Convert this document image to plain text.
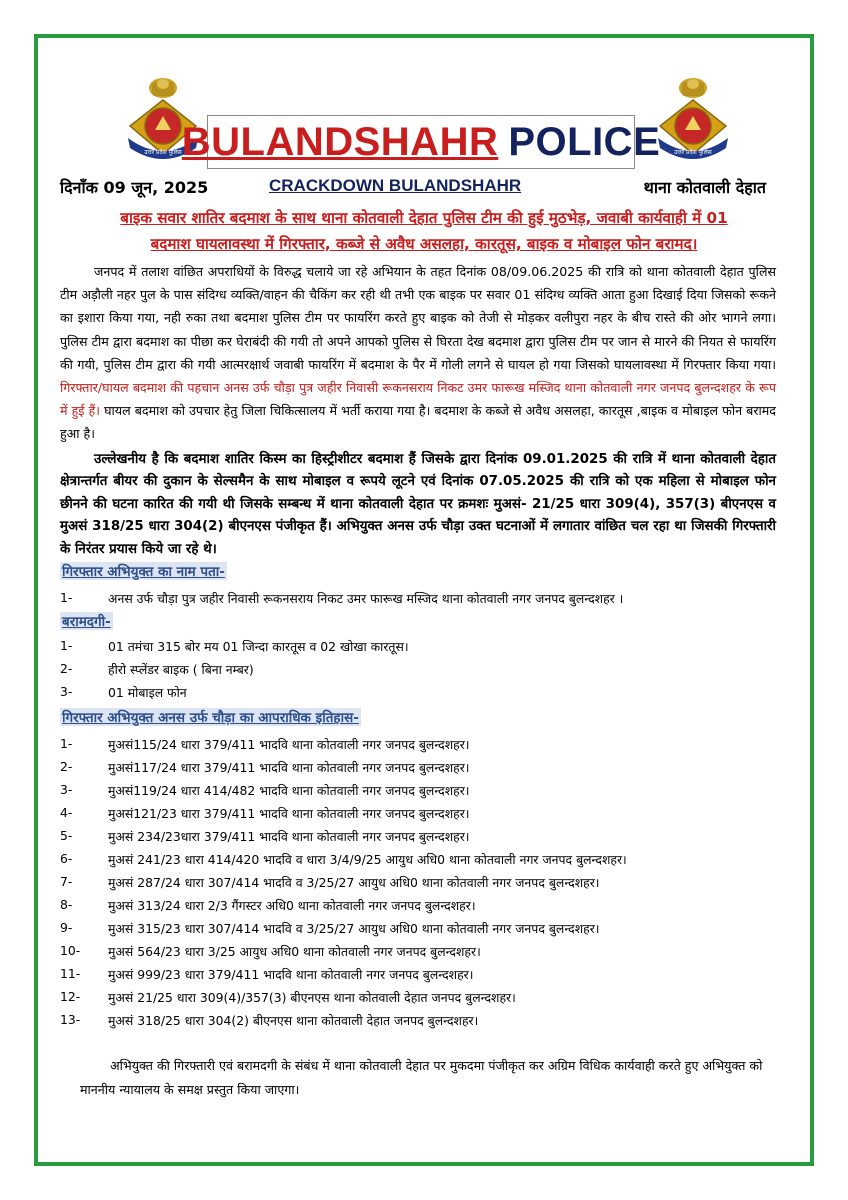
उत्तर प्रदेश पुलिस	उत्तर प्रदेश पुलिस
BULANDSHAHR POLICE
दिनाँक 09 जून, 2025	CRACKDOWN BULANDSHAHR	थाना कोतवाली देहात
बाइक सवार शातिर बदमाश के साथ थाना कोतवाली देहात पुलिस टीम की हुई मुठभेड़, जवाबी कार्यवाही में 01
बदमाश घायलावस्था में गिरफ्तार, कब्जे से अवैध असलहा, कारतूस, बाइक व मोबाइल फोन बरामद।

जनपद में तलाश वांछित अपराधियों के विरुद्ध चलाये जा रहे अभियान के तहत दिनांक 08/09.06.2025 की रात्रि को थाना कोतवाली देहात पुलिस टीम अड़ौली नहर पुल के पास संदिग्ध व्यक्ति/वाहन की चैकिंग कर रही थी तभी एक बाइक पर सवार 01 संदिग्ध व्यक्ति आता हुआ दिखाई दिया जिसको रूकने का इशारा किया गया, नही रुका तथा बदमाश पुलिस टीम पर फायरिंग करते हुए बाइक को तेजी से मोड़कर वलीपुरा नहर के बीच रास्ते की ओर भागने लगा। पुलिस टीम द्वारा बदमाश का पीछा कर घेराबंदी की गयी तो अपने आपको पुलिस से घिरता देख बदमाश द्वारा पुलिस टीम पर जान से मारने की नियत से फायरिंग की गयी, पुलिस टीम द्वारा की गयी आत्मरक्षार्थ जवाबी फायरिंग में बदमाश के पैर में गोली लगने से घायल हो गया जिसको घायलावस्था में गिरफ्तार किया गया। गिरफ्तार/घायल बदमाश की पहचान अनस उर्फ चौड़ा पुत्र जहीर निवासी रूकनसराय निकट उमर फारूख मस्जिद थाना कोतवाली नगर जनपद बुलन्दशहर के रूप में हुई हैं। घायल बदमाश को उपचार हेतु जिला चिकित्सालय में भर्ती कराया गया है। बदमाश के कब्जे से अवैध असलहा, कारतूस ,बाइक व मोबाइल फोन बरामद हुआ है।

उल्लेखनीय है कि बदमाश शातिर किस्म का हिस्ट्रीशीटर बदमाश हैं जिसके द्वारा दिनांक 09.01.2025 की रात्रि में थाना कोतवाली देहात क्षेत्रान्तर्गत बीयर की दुकान के सेल्समैन के साथ मोबाइल व रूपये लूटने एवं दिनांक 07.05.2025 की रात्रि को एक महिला से मोबाइल फोन छीनने की घटना कारित की गयी थी जिसके सम्बन्ध में थाना कोतवाली देहात पर क्रमशः मुअसं- 21/25 धारा 309(4), 357(3) बीएनएस व मुअसं 318/25 धारा 304(2) बीएनएस पंजीकृत हैं। अभियुक्त अनस उर्फ चौड़ा उक्त घटनाओं में लगातार वांछित चल रहा था जिसकी गिरफ्तारी के निरंतर प्रयास किये जा रहे थे।

गिरफ्तार अभियुक्त का नाम पता-
1-	अनस उर्फ चौड़ा पुत्र जहीर निवासी रूकनसराय निकट उमर फारूख मस्जिद थाना कोतवाली नगर जनपद बुलन्दशहर ।
बरामदगी-
1-	01 तमंचा 315 बोर मय 01 जिन्दा कारतूस व 02 खोखा कारतूस।
2-	हीरो स्प्लेंडर बाइक ( बिना नम्बर)
3-	01 मोबाइल फोन
गिरफ्तार अभियुक्त अनस उर्फ चौड़ा का आपराधिक इतिहास-
1-	मुअसं115/24 धारा 379/411 भादवि थाना कोतवाली नगर जनपद बुलन्दशहर।
2-	मुअसं117/24 धारा 379/411 भादवि थाना कोतवाली नगर जनपद बुलन्दशहर।
3-	मुअसं119/24 धारा 414/482 भादवि थाना कोतवाली नगर जनपद बुलन्दशहर।
4-	मुअसं121/23 धारा 379/411 भादवि थाना कोतवाली नगर जनपद बुलन्दशहर।
5-	मुअसं 234/23धारा 379/411 भादवि थाना कोतवाली नगर जनपद बुलन्दशहर।
6-	मुअसं 241/23 धारा 414/420 भादवि व धारा 3/4/9/25 आयुध अधि0 थाना कोतवाली नगर जनपद बुलन्दशहर।
7-	मुअसं 287/24 धारा 307/414 भादवि व 3/25/27 आयुध अधि0 थाना कोतवाली नगर जनपद बुलन्दशहर।
8-	मुअसं 313/24 धारा 2/3 गैंगस्टर अधि0 थाना कोतवाली नगर जनपद बुलन्दशहर।
9-	मुअसं 315/23 धारा 307/414 भादवि व 3/25/27 आयुध अधि0 थाना कोतवाली नगर जनपद बुलन्दशहर।
10- मुअसं 564/23 धारा 3/25 आयुध अधि0 थाना कोतवाली नगर जनपद बुलन्दशहर।
11- मुअसं 999/23 धारा 379/411 भादवि थाना कोतवाली नगर जनपद बुलन्दशहर।
12- मुअसं 21/25 धारा 309(4)/357(3) बीएनएस थाना कोतवाली देहात जनपद बुलन्दशहर।
13- मुअसं 318/25 धारा 304(2) बीएनएस थाना कोतवाली देहात जनपद बुलन्दशहर।

अभियुक्त की गिरफ्तारी एवं बरामदगी के संबंध में थाना कोतवाली देहात पर मुकदमा पंजीकृत कर अग्रिम विधिक कार्यवाही करते हुए अभियुक्त को माननीय न्यायालय के समक्ष प्रस्तुत किया जाएगा।
